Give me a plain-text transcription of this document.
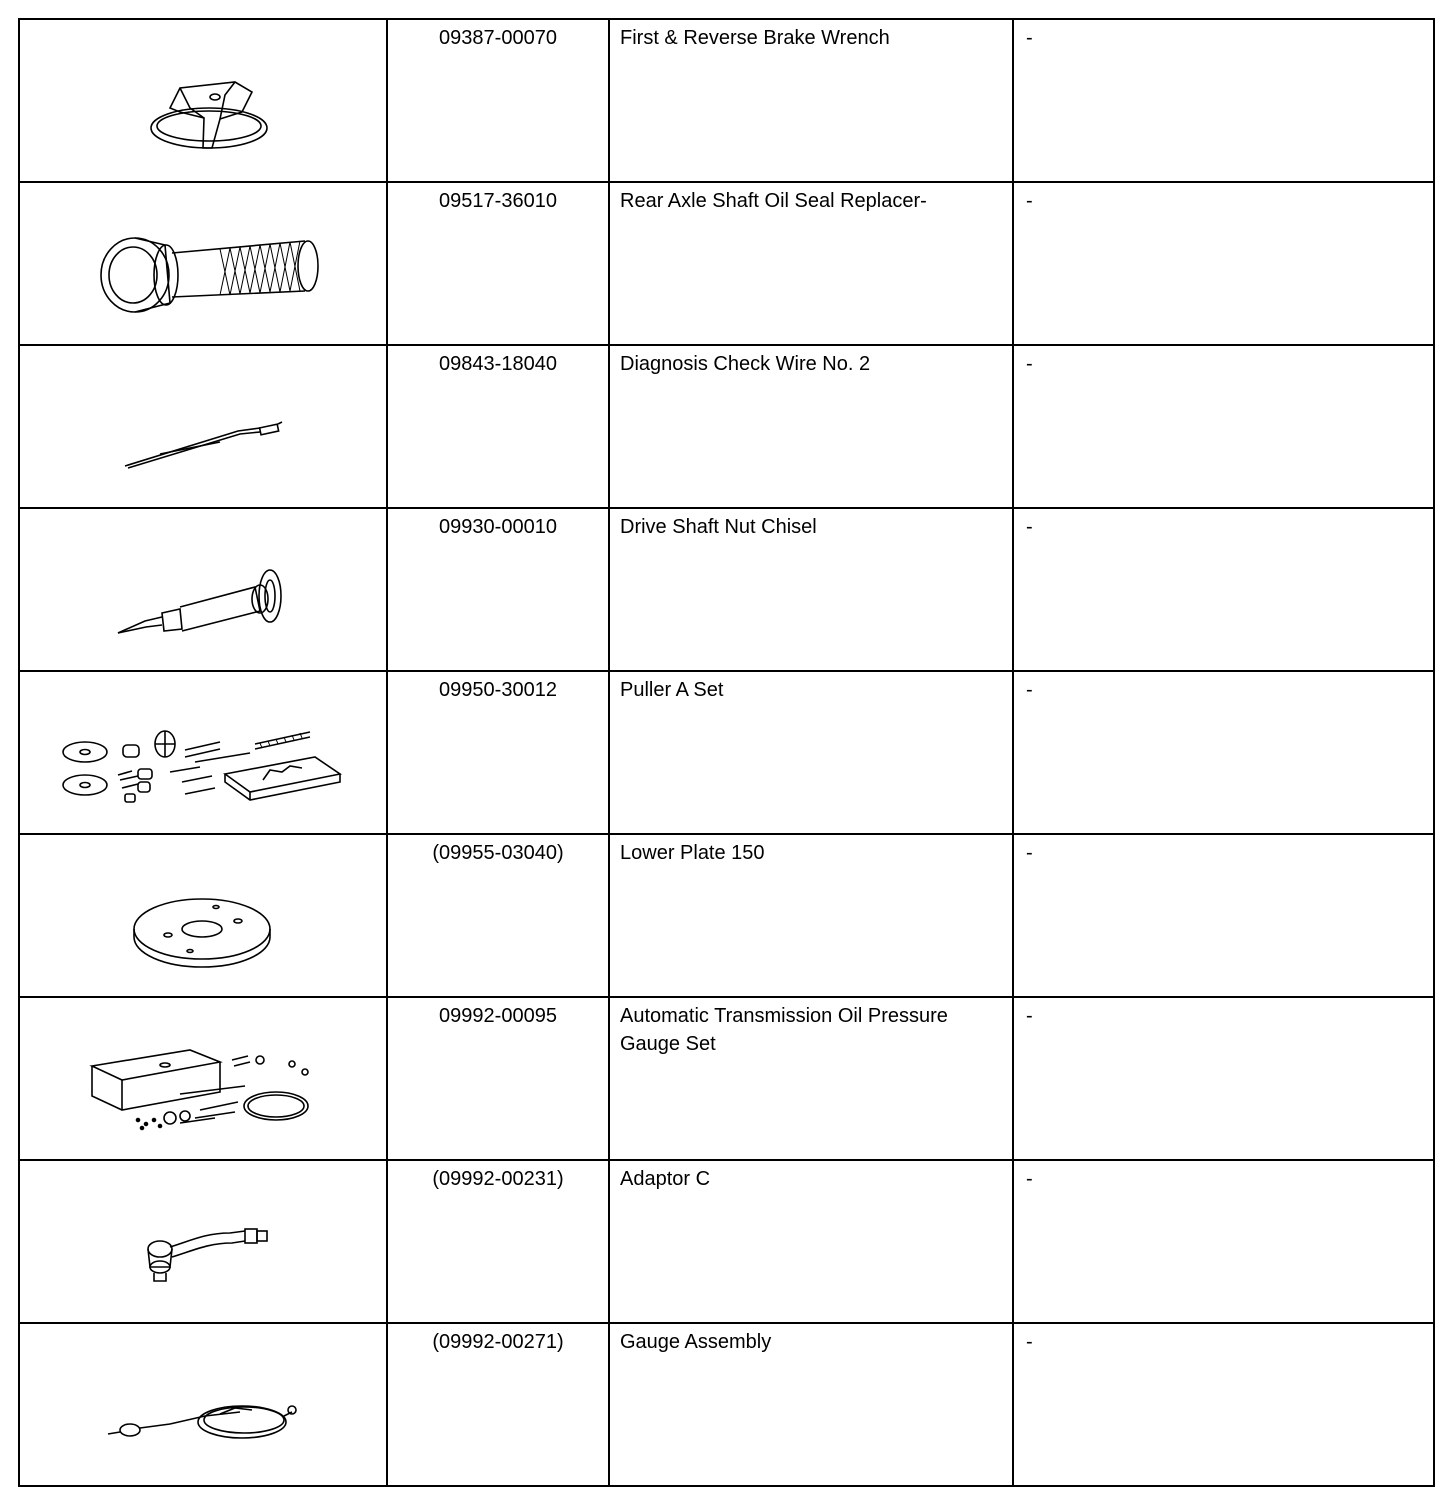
	09387-00070	First & Reverse Brake Wrench	-

	09517-36010	Rear Axle Shaft Oil Seal Replacer-	-

	09843-18040	Diagnosis Check Wire No. 2	-

	09930-00010	Drive Shaft Nut Chisel	-

	09950-30012	Puller A Set	-

	(09955-03040)	Lower Plate 150	-

	09992-00095	Automatic Transmission Oil Pressure Gauge Set	-

	(09992-00231)	Adaptor C	-

	(09992-00271)	Gauge Assembly	-
